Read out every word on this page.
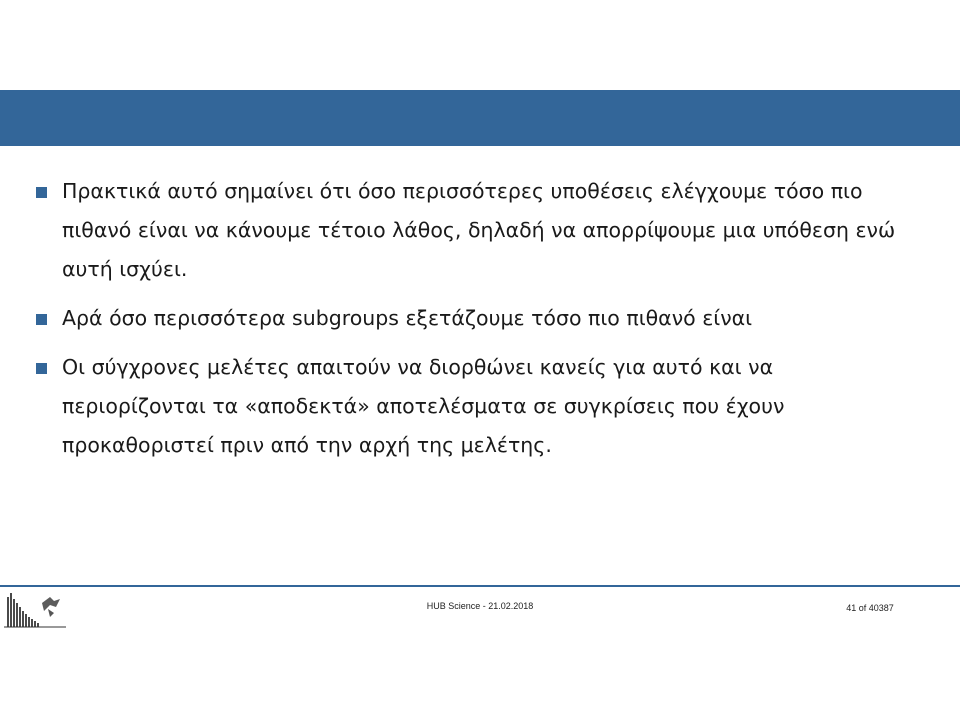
Πρακτικά αυτό σημαίνει ότι όσο περισσότερες υποθέσεις ελέγχουμε τόσο πιο πιθανό είναι να κάνουμε τέτοιο λάθος, δηλαδή να απορρίψουμε μια υπόθεση ενώ αυτή ισχύει.
Αρά όσο περισσότερα subgroups εξετάζουμε τόσο πιο πιθανό είναι
Οι σύγχρονες μελέτες απαιτούν να διορθώνει κανείς για αυτό και να περιορίζονται τα «αποδεκτά» αποτελέσματα σε συγκρίσεις που έχουν προκαθοριστεί πριν από την αρχή της μελέτης.
HUB Science - 21.02.2018	41 of 40387
